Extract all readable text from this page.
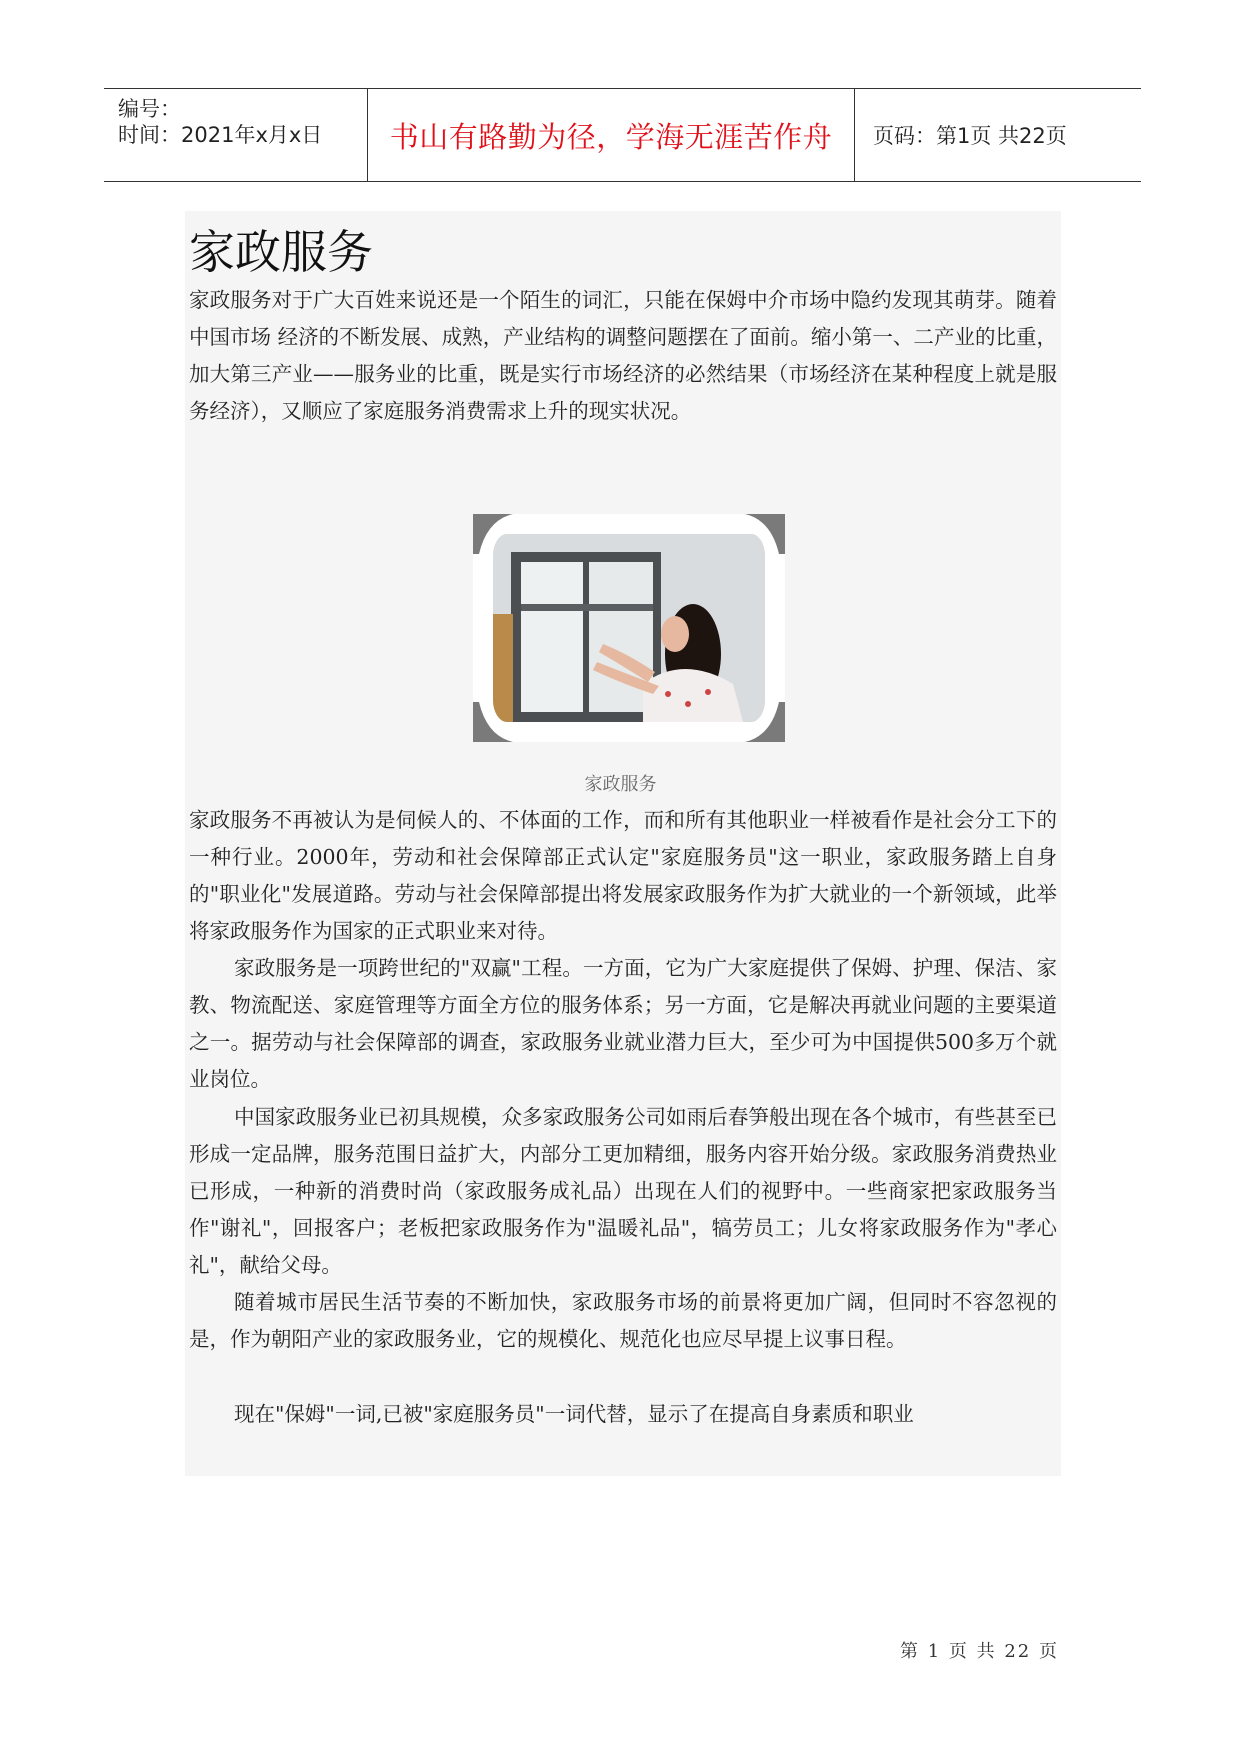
编号：
时间：2021年x月x日 书山有路勤为径，学海无涯苦作舟 页码：第1页 共22页
家政服务

家政服务对于广大百姓来说还是一个陌生的词汇，只能在保姆中介市场中隐约发现其萌芽。随着中国市场 经济的不断发展、成熟，产业结构的调整问题摆在了面前。缩小第一、二产业的比重，加大第三产业——服务业的比重，既是实行市场经济的必然结果（市场经济在某种程度上就是服务经济），又顺应了家庭服务消费需求上升的现实状况。

家政服务

家政服务不再被认为是伺候人的、不体面的工作，而和所有其他职业一样被看作是社会分工下的一种行业。2000年，劳动和社会保障部正式认定"家庭服务员"这一职业，家政服务踏上自身的"职业化"发展道路。劳动与社会保障部提出将发展家政服务作为扩大就业的一个新领域，此举将家政服务作为国家的正式职业来对待。

家政服务是一项跨世纪的"双赢"工程。一方面，它为广大家庭提供了保姆、护理、保洁、家教、物流配送、家庭管理等方面全方位的服务体系；另一方面，它是解决再就业问题的主要渠道之一。据劳动与社会保障部的调查，家政服务业就业潜力巨大，至少可为中国提供500多万个就业岗位。

中国家政服务业已初具规模，众多家政服务公司如雨后春笋般出现在各个城市，有些甚至已形成一定品牌，服务范围日益扩大，内部分工更加精细，服务内容开始分级。家政服务消费热业已形成，一种新的消费时尚（家政服务成礼品）出现在人们的视野中。一些商家把家政服务当作"谢礼"，回报客户；老板把家政服务作为"温暖礼品"，犒劳员工；儿女将家政服务作为"孝心礼"，献给父母。

随着城市居民生活节奏的不断加快，家政服务市场的前景将更加广阔，但同时不容忽视的是，作为朝阳产业的家政服务业，它的规模化、规范化也应尽早提上议事日程。

现在"保姆"一词,已被"家庭服务员"一词代替，显示了在提高自身素质和职业

第 1 页 共 22 页
